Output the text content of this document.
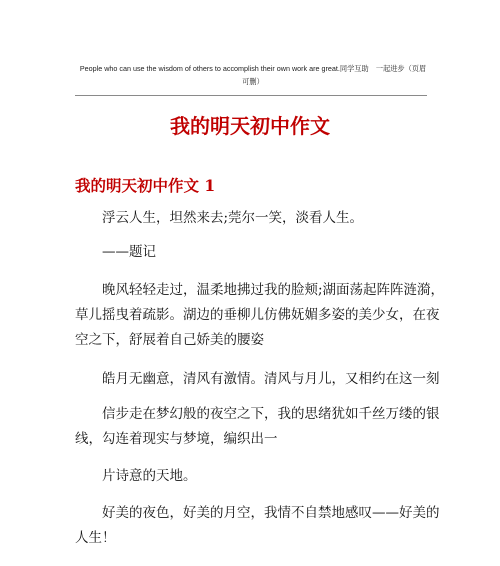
People who can use the wisdom of others to accomplish their own work are great.同学互助　一起进步（页眉
可删）
我的明天初中作文
我的明天初中作文 1
浮云人生，坦然来去;莞尔一笑，淡看人生。
——题记
晚风轻轻走过，温柔地拂过我的脸颊;湖面荡起阵阵涟漪，
草儿摇曳着疏影。湖边的垂柳儿仿佛妩媚多姿的美少女，在夜
空之下，舒展着自己娇美的腰姿
皓月无幽意，清风有激情。清风与月儿，又相约在这一刻
信步走在梦幻般的夜空之下，我的思绪犹如千丝万缕的银
线，勾连着现实与梦境，编织出一
片诗意的天地。
好美的夜色，好美的月空，我情不自禁地感叹——好美的
人生！
